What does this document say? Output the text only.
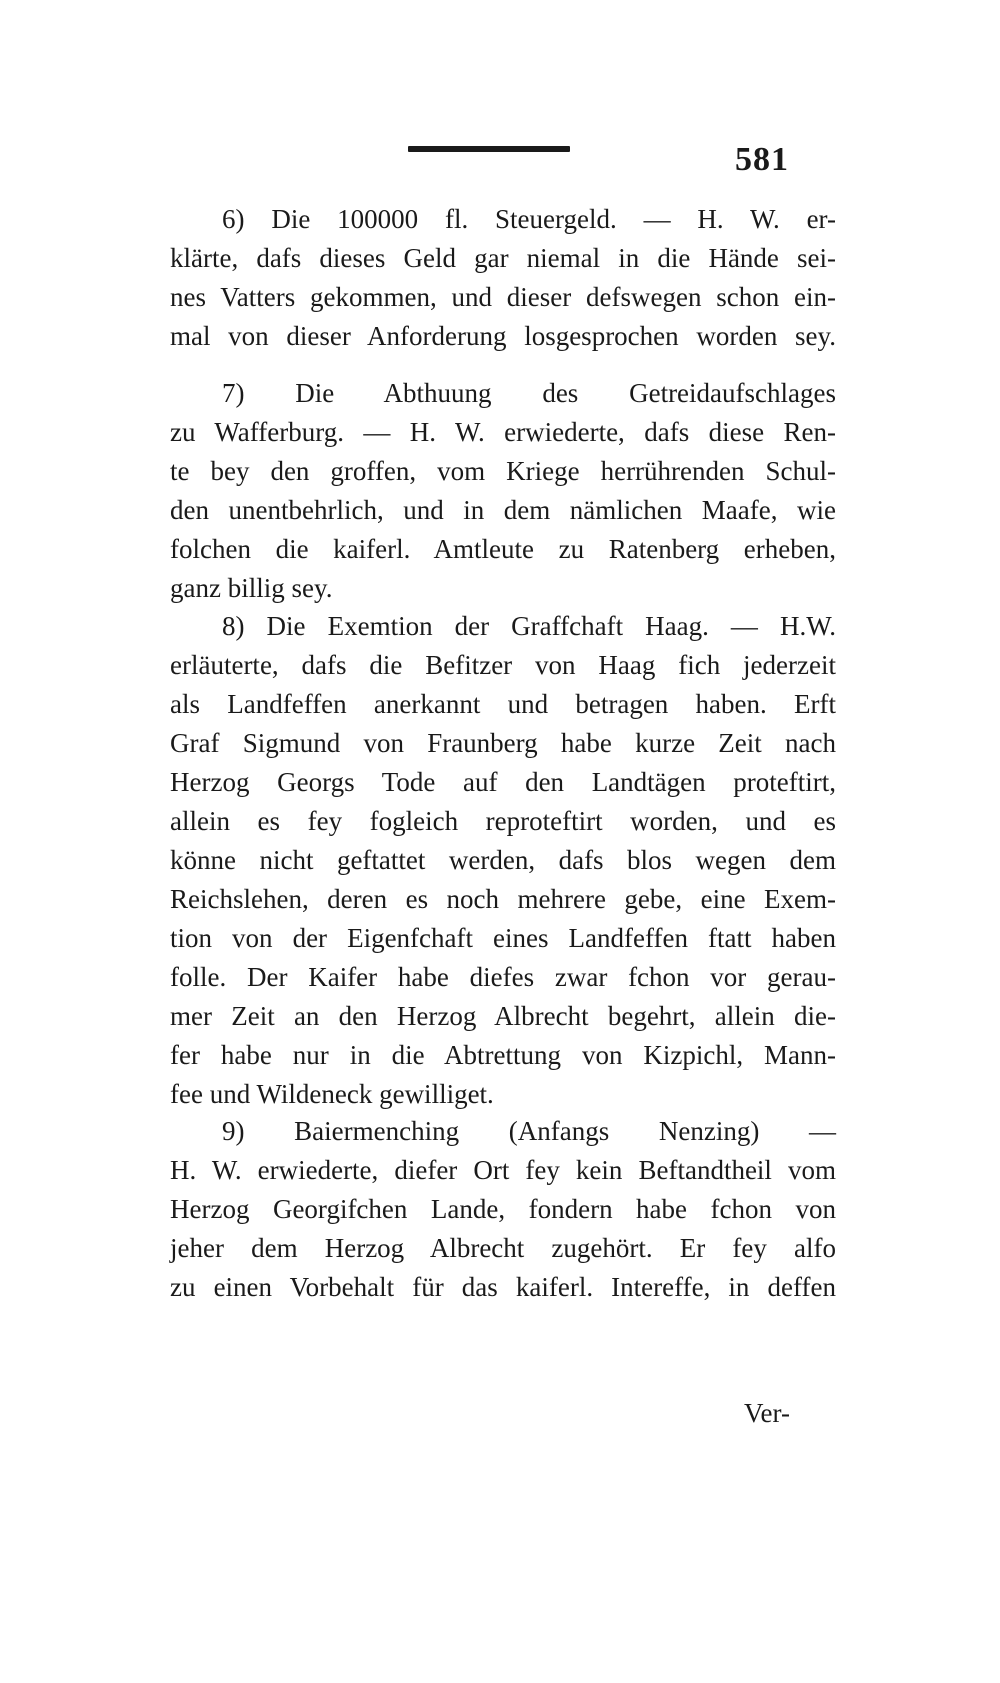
581
6) Die 100000 fl. Steuergeld. — H. W. er-
klärte, dafs dieses Geld gar niemal in die Hände sei-
nes Vatters gekommen, und dieser defswegen schon ein-
mal von dieser Anforderung losgesprochen worden sey.
7) Die Abthuung des Getreidaufschlages
zu Wafferburg. — H. W. erwiederte, dafs diese Ren-
te bey den groffen, vom Kriege herrührenden Schul-
den unentbehrlich, und in dem nämlichen Maafe, wie
folchen die kaiferl. Amtleute zu Ratenberg erheben,
ganz billig sey.
8) Die Exemtion der Graffchaft Haag. — H.W.
erläuterte, dafs die Befitzer von Haag fich jederzeit
als Landfeffen anerkannt und betragen haben. Erft
Graf Sigmund von Fraunberg habe kurze Zeit nach
Herzog Georgs Tode auf den Landtägen proteftirt,
allein es fey fogleich reproteftirt worden, und es
könne nicht geftattet werden, dafs blos wegen dem
Reichslehen, deren es noch mehrere gebe, eine Exem-
tion von der Eigenfchaft eines Landfeffen ftatt haben
folle. Der Kaifer habe diefes zwar fchon vor gerau-
mer Zeit an den Herzog Albrecht begehrt, allein die-
fer habe nur in die Abtrettung von Kizpichl, Mann-
fee und Wildeneck gewilliget.
9) Baiermenching (Anfangs Nenzing) —
H. W. erwiederte, diefer Ort fey kein Beftandtheil vom
Herzog Georgifchen Lande, fondern habe fchon von
jeher dem Herzog Albrecht zugehört. Er fey alfo
zu einen Vorbehalt für das kaiferl. Intereffe, in deffen
Ver-
